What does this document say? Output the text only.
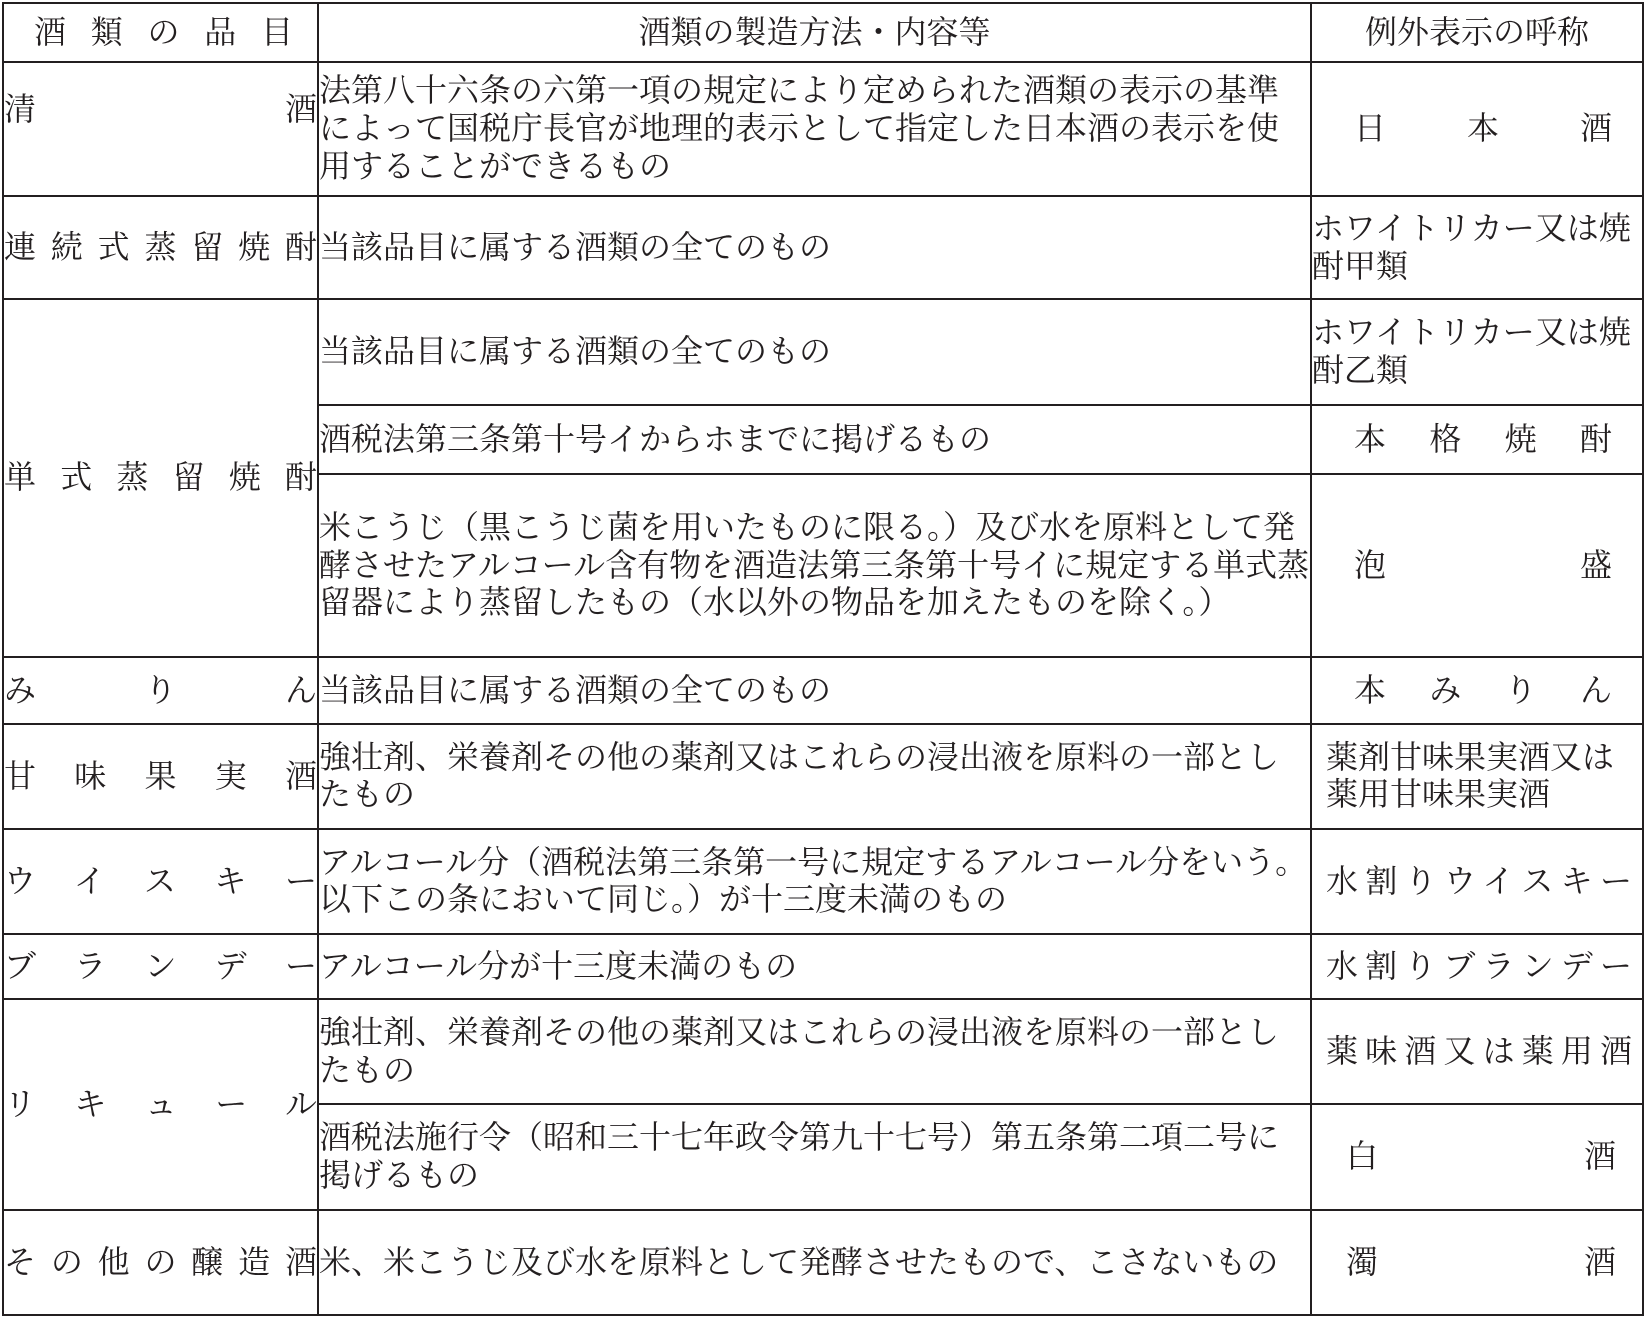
酒類の品目	酒類の製造方法・内容等	例外表示の呼称
清酒	法第八十六条の六第一項の規定により定められた酒類の表示の基準によって国税庁長官が地理的表示として指定した日本酒の表示を使用することができるもの	日本酒
連続式蒸留焼酎	当該品目に属する酒類の全てのもの	ホワイトリカー又は焼酎甲類
単式蒸留焼酎	当該品目に属する酒類の全てのもの	ホワイトリカー又は焼酎乙類
	酒税法第三条第十号イからホまでに掲げるもの	本格焼酎
	米こうじ（黒こうじ菌を用いたものに限る。）及び水を原料として発酵させたアルコール含有物を酒造法第三条第十号イに規定する単式蒸留器により蒸留したもの（水以外の物品を加えたものを除く。）	泡盛
みりん	当該品目に属する酒類の全てのもの	本みりん
甘味果実酒	強壮剤、栄養剤その他の薬剤又はこれらの浸出液を原料の一部としたもの	薬剤甘味果実酒又は薬用甘味果実酒
ウイスキー	アルコール分（酒税法第三条第一号に規定するアルコール分をいう。以下この条において同じ。）が十三度未満のもの	水割りウイスキー
ブランデー	アルコール分が十三度未満のもの	水割りブランデー
リキュール	強壮剤、栄養剤その他の薬剤又はこれらの浸出液を原料の一部としたもの	薬味酒又は薬用酒
	酒税法施行令（昭和三十七年政令第九十七号）第五条第二項二号に掲げるもの	白酒
その他の醸造酒	米、米こうじ及び水を原料として発酵させたもので、こさないもの	濁酒
